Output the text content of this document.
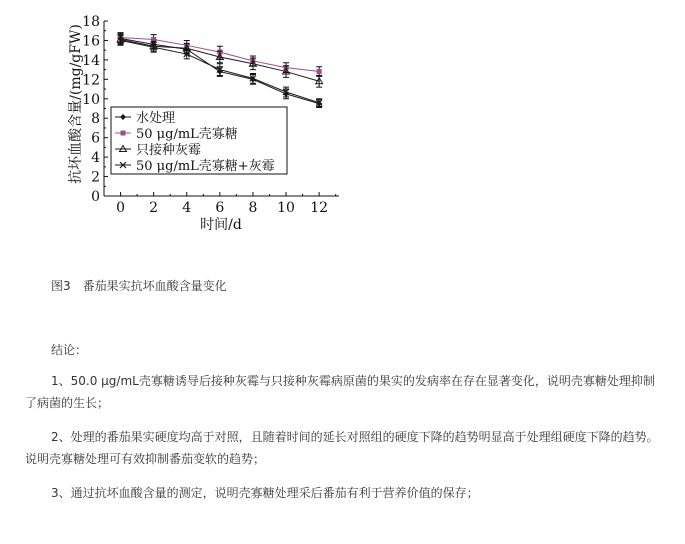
0
2
4
6
8
10
12
14
16
18
0 2 4 6 8 10 12
水处理
50 μg/mL壳寡糖
只接种灰霉
50 μg/mL壳寡糖+灰霉
抗坏血酸含量/(mg/gFW)
时间/d
图3　番茄果实抗坏血酸含量变化
结论：
1、50.0 μg/mL壳寡糖诱导后接种灰霉与只接种灰霉病原菌的果实的发病率在存在显著变化，说明壳寡糖处理抑制了病菌的生长；
2、处理的番茄果实硬度均高于对照，且随着时间的延长对照组的硬度下降的趋势明显高于处理组硬度下降的趋势。说明壳寡糖处理可有效抑制番茄变软的趋势；
3、通过抗坏血酸含量的测定，说明壳寡糖处理采后番茄有利于营养价值的保存；
